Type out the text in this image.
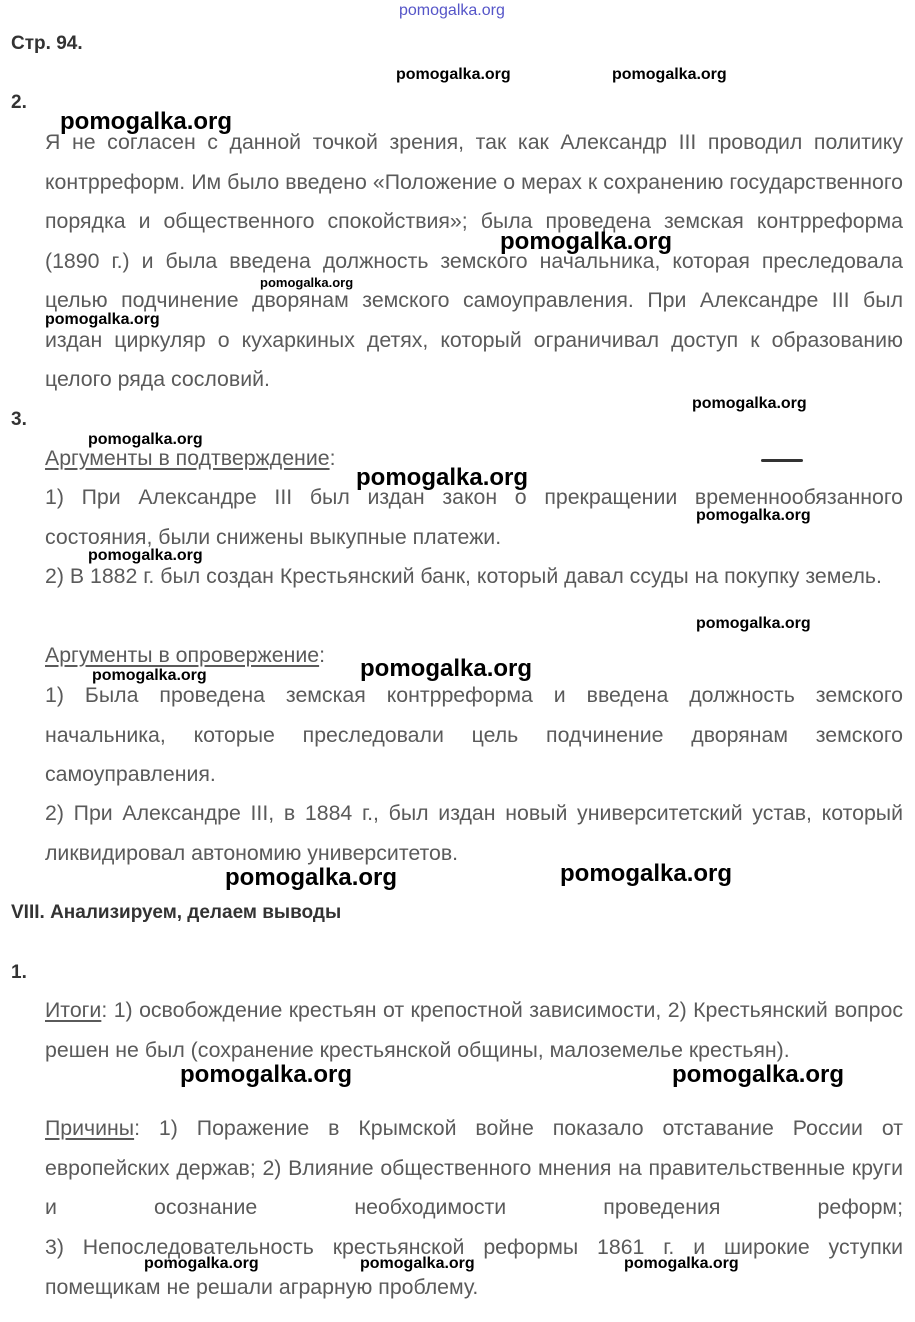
pomogalka.org
Стр. 94.
2.
Я не согласен с данной точкой зрения, так как Александр III проводил политику контрреформ. Им было введено «Положение о мерах к сохранению государственного порядка и общественного спокойствия»; была проведена земская контрреформа (1890 г.) и была введена должность земского начальника, которая преследовала целью подчинение дворянам земского самоуправления. При Александре III был издан циркуляр о кухаркиных детях, который ограничивал доступ к образованию целого ряда сословий.
3.
Аргументы в подтверждение:
1) При Александре III был издан закон о прекращении временнообязанного состояния, были снижены выкупные платежи.
2) В 1882 г. был создан Крестьянский банк, который давал ссуды на покупку земель.
Аргументы в опровержение:
1) Была проведена земская контрреформа и введена должность земского начальника, которые преследовали цель подчинение дворянам земского самоуправления.
2) При Александре III, в 1884 г., был издан новый университетский устав, который ликвидировал автономию университетов.
VIII. Анализируем, делаем выводы
1.
Итоги: 1) освобождение крестьян от крепостной зависимости, 2) Крестьянский вопрос решен не был (сохранение крестьянской общины, малоземелье крестьян).
Причины: 1) Поражение в Крымской войне показало отставание России от европейских держав; 2) Влияние общественного мнения на правительственные круги и осознание необходимости проведения реформ;
3) Непоследовательность крестьянской реформы 1861 г. и широкие уступки помещикам не решали аграрную проблему.
pomogalka.org	pomogalka.org
pomogalka.org
pomogalka.org
pomogalka.org
pomogalka.org
pomogalka.org
pomogalka.org
pomogalka.org
pomogalka.org
pomogalka.org
pomogalka.org
pomogalka.org
pomogalka.org
pomogalka.org	pomogalka.org
pomogalka.org	pomogalka.org
pomogalka.org	pomogalka.org	pomogalka.org
